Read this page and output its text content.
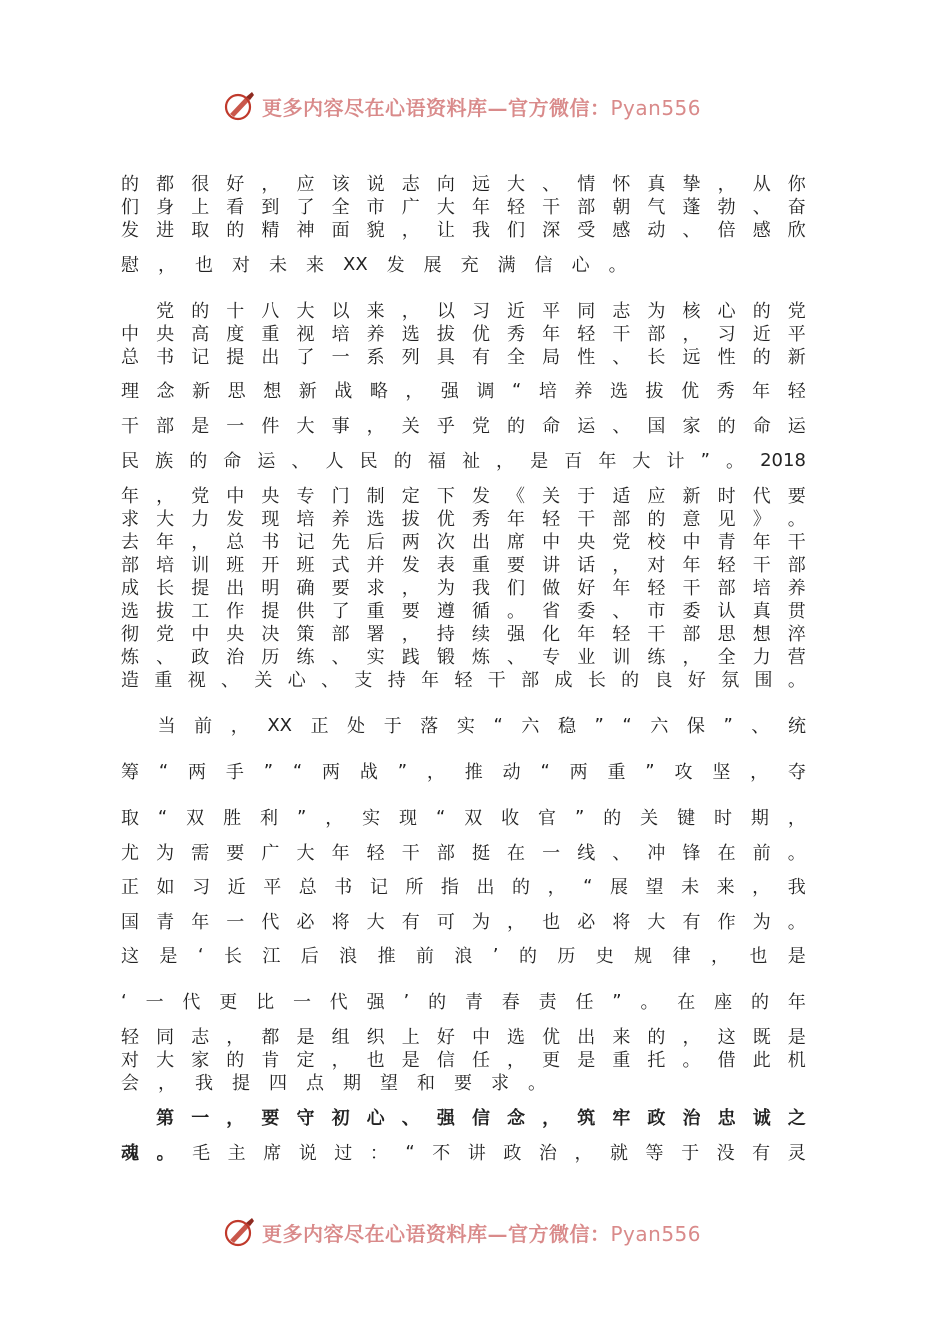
更多内容尽在心语资料库—官方微信：Pyan556
的 都 很 好 ， 应 该 说 志 向 远 大 、 情 怀 真 挚 ， 从 你
们 身 上 看 到 了 全 市 广 大 年 轻 干 部 朝 气 蓬 勃 、 奋
发 进 取 的 精 神 面 貌 ， 让 我 们 深 受 感 动 、 倍 感 欣
慰 ， 也 对 未 来 XX 发 展 充 满 信 心 。

党 的 十 八 大 以 来 ， 以 习 近 平 同 志 为 核 心 的 党
中 央 高 度 重 视 培 养 选 拔 优 秀 年 轻 干 部 ， 习 近 平
总 书 记 提 出 了 一 系 列 具 有 全 局 性 、 长 远 性 的 新
理 念 新 思 想 新 战 略 ， 强 调 “ 培 养 选 拔 优 秀 年 轻
干 部 是 一 件 大 事 ， 关 乎 党 的 命 运 、 国 家 的 命 运
民 族 的 命 运 、 人 民 的 福 祉 ， 是 百 年 大 计 ” 。 2018
年 ， 党 中 央 专 门 制 定 下 发 《 关 于 适 应 新 时 代 要
求 大 力 发 现 培 养 选 拔 优 秀 年 轻 干 部 的 意 见 》 。
去 年 ， 总 书 记 先 后 两 次 出 席 中 央 党 校 中 青 年 干
部 培 训 班 开 班 式 并 发 表 重 要 讲 话 ， 对 年 轻 干 部
成 长 提 出 明 确 要 求 ， 为 我 们 做 好 年 轻 干 部 培 养
选 拔 工 作 提 供 了 重 要 遵 循 。 省 委 、 市 委 认 真 贯
彻 党 中 央 决 策 部 署 ， 持 续 强 化 年 轻 干 部 思 想 淬
炼 、 政 治 历 练 、 实 践 锻 炼 、 专 业 训 练 ， 全 力 营
造 重 视 、 关 心 、 支 持 年 轻 干 部 成 长 的 良 好 氛 围 。

当 前 ， XX 正 处 于 落 实 “ 六 稳 ” “ 六 保 ” 、 统
筹 “ 两 手 ” “ 两 战 ” ， 推 动 “ 两 重 ” 攻 坚 ， 夺
取 “ 双 胜 利 ” ， 实 现 “ 双 收 官 ” 的 关 键 时 期 ，
尤 为 需 要 广 大 年 轻 干 部 挺 在 一 线 、 冲 锋 在 前 。
正 如 习 近 平 总 书 记 所 指 出 的 ， “ 展 望 未 来 ， 我
国 青 年 一 代 必 将 大 有 可 为 ， 也 必 将 大 有 作 为 。
这 是 ‘ 长 江 后 浪 推 前 浪 ’ 的 历 史 规 律 ， 也 是
‘ 一 代 更 比 一 代 强 ’ 的 青 春 责 任 ” 。 在 座 的 年
轻 同 志 ， 都 是 组 织 上 好 中 选 优 出 来 的 ， 这 既 是
对 大 家 的 肯 定 ， 也 是 信 任 ， 更 是 重 托 。 借 此 机
会 ， 我 提 四 点 期 望 和 要 求 。

第 一 ， 要 守 初 心 、 强 信 念 ， 筑 牢 政 治 忠 诚 之
魂 。 毛 主 席 说 过 ： “ 不 讲 政 治 ， 就 等 于 没 有 灵
更多内容尽在心语资料库—官方微信：Pyan556
